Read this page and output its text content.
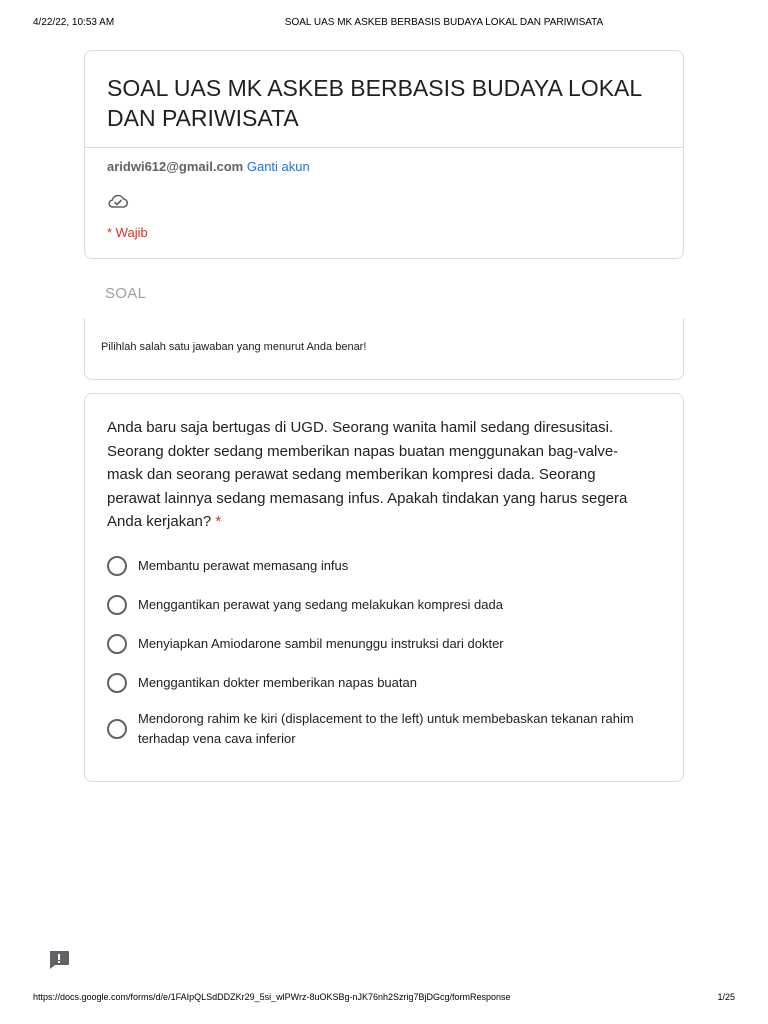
4/22/22, 10:53 AM	SOAL UAS MK ASKEB BERBASIS BUDAYA LOKAL DAN PARIWISATA
SOAL UAS MK ASKEB BERBASIS BUDAYA LOKAL DAN PARIWISATA
aridwi612@gmail.com Ganti akun
* Wajib
SOAL
Pilihlah salah satu jawaban yang menurut Anda benar!
Anda baru saja bertugas di UGD. Seorang wanita hamil sedang diresusitasi. Seorang dokter sedang memberikan napas buatan menggunakan bag-valve-mask dan seorang perawat sedang memberikan kompresi dada. Seorang perawat lainnya sedang memasang infus. Apakah tindakan yang harus segera Anda kerjakan? *
Membantu perawat memasang infus
Menggantikan perawat yang sedang melakukan kompresi dada
Menyiapkan Amiodarone sambil menunggu instruksi dari dokter
Menggantikan dokter memberikan napas buatan
Mendorong rahim ke kiri (displacement to the left) untuk membebaskan tekanan rahim terhadap vena cava inferior
https://docs.google.com/forms/d/e/1FAIpQLSdDDZKr29_5si_wlPWrz-8uOKSBg-nJK76nh2Szrig7BjDGcg/formResponse	1/25
